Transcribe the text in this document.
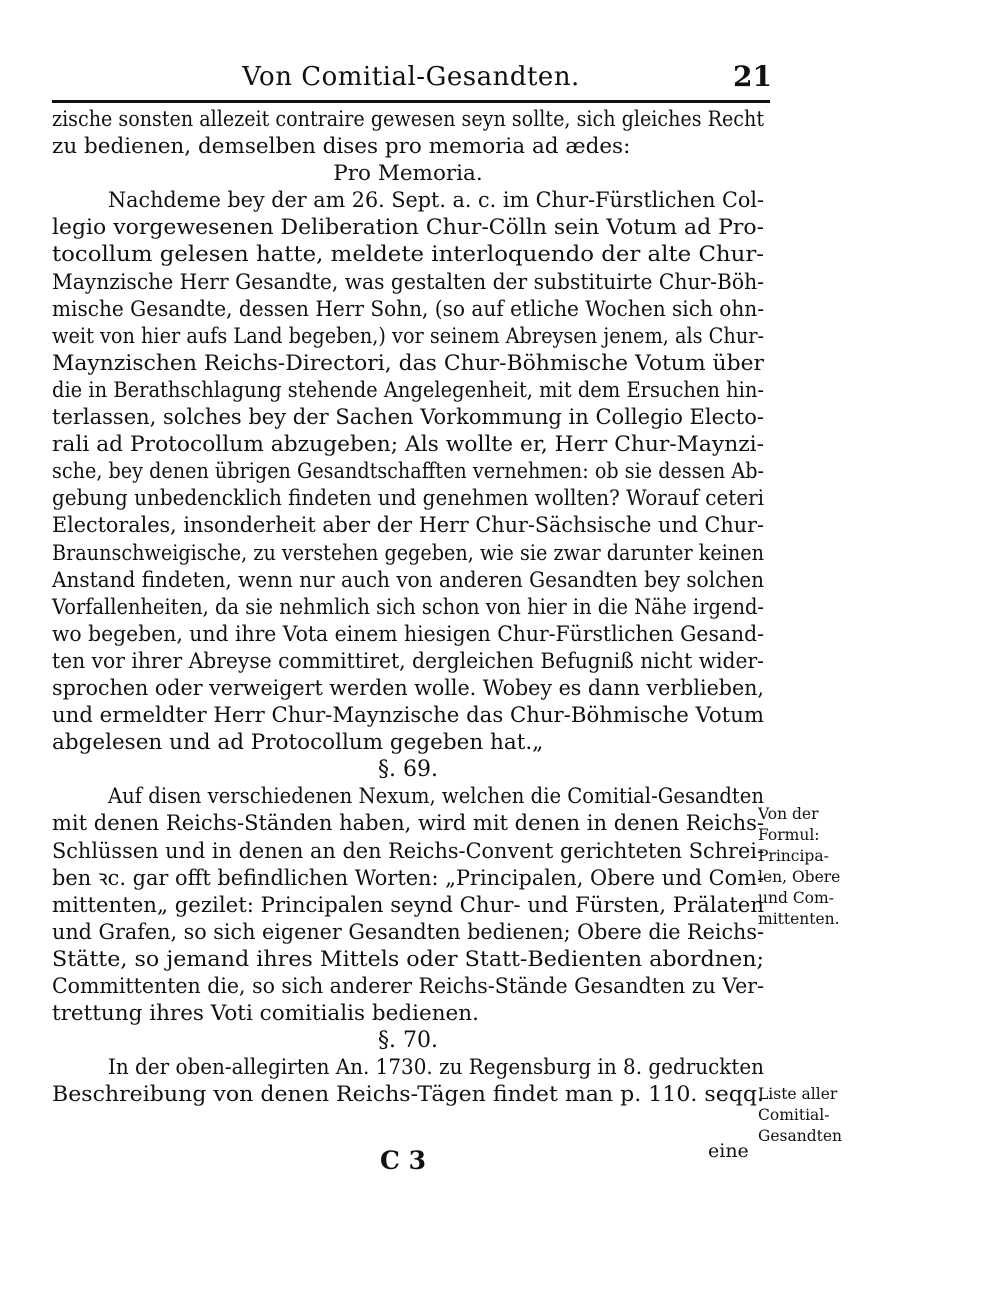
Von Comitial-Gesandten.	21
zische sonsten allezeit contraire gewesen seyn sollte, sich gleiches Recht
zu bedienen, demselben dises pro memoria ad ædes:
Pro Memoria.
Nachdeme bey der am 26. Sept. a. c. im Chur-Fürstlichen Col-
legio vorgewesenen Deliberation Chur-Cölln sein Votum ad Pro-
tocollum gelesen hatte, meldete interloquendo der alte Chur-
Maynzische Herr Gesandte, was gestalten der substituirte Chur-Böh-
mische Gesandte, dessen Herr Sohn, (so auf etliche Wochen sich ohn-
weit von hier aufs Land begeben,) vor seinem Abreysen jenem, als Chur-
Maynzischen Reichs-Directori, das Chur-Böhmische Votum über
die in Berathschlagung stehende Angelegenheit, mit dem Ersuchen hin-
terlassen, solches bey der Sachen Vorkommung in Collegio Electo-
rali ad Protocollum abzugeben; Als wollte er, Herr Chur-Maynzi-
sche, bey denen übrigen Gesandtschafften vernehmen: ob sie dessen Ab-
gebung unbedencklich findeten und genehmen wollten? Worauf ceteri
Electorales, insonderheit aber der Herr Chur-Sächsische und Chur-
Braunschweigische, zu verstehen gegeben, wie sie zwar darunter keinen
Anstand findeten, wenn nur auch von anderen Gesandten bey solchen
Vorfallenheiten, da sie nehmlich sich schon von hier in die Nähe irgend-
wo begeben, und ihre Vota einem hiesigen Chur-Fürstlichen Gesand-
ten vor ihrer Abreyse committiret, dergleichen Befugniß nicht wider-
sprochen oder verweigert werden wolle. Wobey es dann verblieben,
und ermeldter Herr Chur-Maynzische das Chur-Böhmische Votum
abgelesen und ad Protocollum gegeben hat.„
§. 69.
Auf disen verschiedenen Nexum, welchen die Comitial-Gesandten
mit denen Reichs-Ständen haben, wird mit denen in denen Reichs-
Schlüssen und in denen an den Reichs-Convent gerichteten Schrei-
ben ꝛc. gar offt befindlichen Worten: „Principalen, Obere und Com-
mittenten„ gezilet: Principalen seynd Chur- und Fürsten, Prälaten
und Grafen, so sich eigener Gesandten bedienen; Obere die Reichs-
Stätte, so jemand ihres Mittels oder Statt-Bedienten abordnen;
Committenten die, so sich anderer Reichs-Stände Gesandten zu Ver-
trettung ihres Voti comitialis bedienen.
§. 70.
In der oben-allegirten An. 1730. zu Regensburg in 8. gedruckten
Beschreibung von denen Reichs-Tägen findet man p. 110. seqq.
Von der
Formul:
Principa-
len, Obere
und Com-
mittenten.
Liste aller
Comitial-
Gesandten
eine
C 3
